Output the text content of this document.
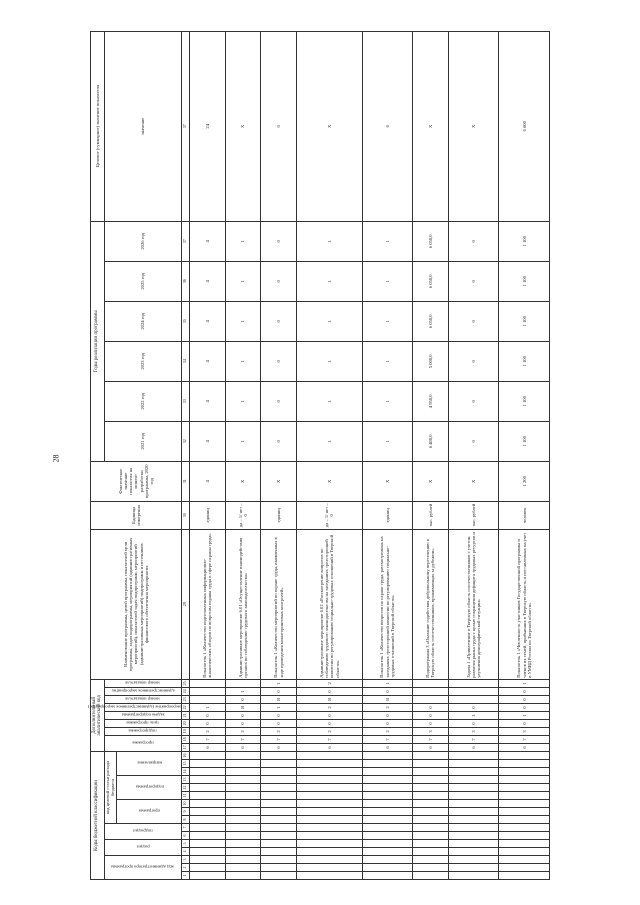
28
Коды бюджетной классификации																Дополнительный аналитический код									Наименование программы, целей программы, показателей цели программы, задач подпрограммы, мероприятий (административных мероприятий), показателей задач подпрограмм, мероприятий (административных мероприятий) подпрограмм и источников финансового обеспечения мероприятия	Единица измерения	Фактическое значение показателя на момент разработки программы, 2020 год	Годы реализации программы						Целевое (суммарное) значение показателя
код администратора программы			раздел		подраздел		код целевой статьи расхода бюджета									программа		подпрограмма	цель программы	задача подпрограммы	мероприятие (административное мероприятие)	номер показателя	административное мероприятие	номер показателя				2021 год	2022 год	2023 год	2024 год	2025 год	2026 год	значение
							программа			подпрограмма			направление																					
1	2	3	4	5	6	7	8	9	10	11	12	13	14	15	16	17	18	19	20	21	22	23	24	25	28	30	31	32	33	34	35	36	37	37
																6	7	2	0	0	1				Показатель 1 «Количество подготовленных информационно-аналитических обзоров по вопросам охраны труда в сфере охраны труда»	единиц	4	4	4	4	4	4	4	24
																6	7	2	0	0	Я	0	1		Административное мероприятие 6.01 «Осуществление взаимодействия органов по соблюдению трудового законодательства»	да – 1/ нет – 0	Х	1	1	1	1	1	1	Х
																6	7	2	0	0	1	Я	0	1	Показатель 1 «Количество мероприятий по охране труда, выявленных в ходе проведения мониторинговых контролей»	единиц	Х	0	0	0	0	0	0	0
																6	7	2	0	0	2	Я	0	2	Административное мероприятие 6.02 «Рассмотрение вопросов по соблюдению трудового законодательства на заседаниях трехсторонней комиссии по регулированию социально-трудовых отношений в Тверской области»	да – 1/ нет – 0	Х	1	1	1	1	1	1	Х
																6	7	2	0	0	2	Я	0	1	Показатель 1 «Количество вопросов по охране труда, рассмотренных на заседаниях трехсторонней комиссии по регулированию социально-трудовых отношений в Тверской области»	единиц	Х	1	1	1	1	1	1	6
																6	7	3	0	0	0				Подпрограмма 3 «Оказание содействия добровольному переселению в Тверскую область соотечественников, проживающих за рубежом»	тыс. рублей	Х	6 400,0	4 950,0	5 000,0	6 050,0	6 050,0	6 050,0	Х
																6	7	3	0	1	0				Задача 1 «Привлечение в Тверскую область соотечественников с учетом развития рынка труда с целью сокращения дефицита трудовых ресурсов и улучшения демографической ситуации»	тыс. рублей	Х	0	0	0	0	0	0	Х
																6	7	3	0	1	0	0	0	1	Показатель 1 «Численность участников Государственной программы и членов их семей, прибывших в Тверскую область и поставленных на учет в УМВД России по Тверской области»	человек	1 200	1 100	1 100	1 100	1 100	1 100	1 100	6 600
